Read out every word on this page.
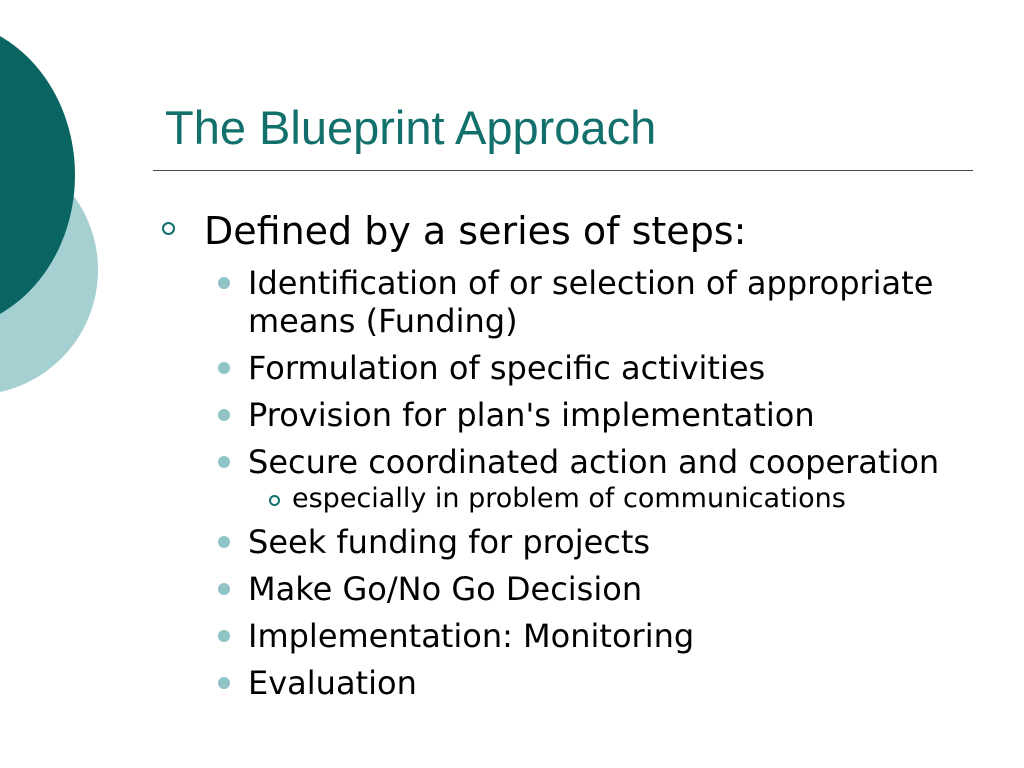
The Blueprint Approach
Defined by a series of steps:
Identification of or selection of appropriate means (Funding)
Formulation of specific activities
Provision for plan's implementation
Secure coordinated action and cooperation
especially in problem of communications
Seek funding for projects
Make Go/No Go Decision
Implementation: Monitoring
Evaluation
